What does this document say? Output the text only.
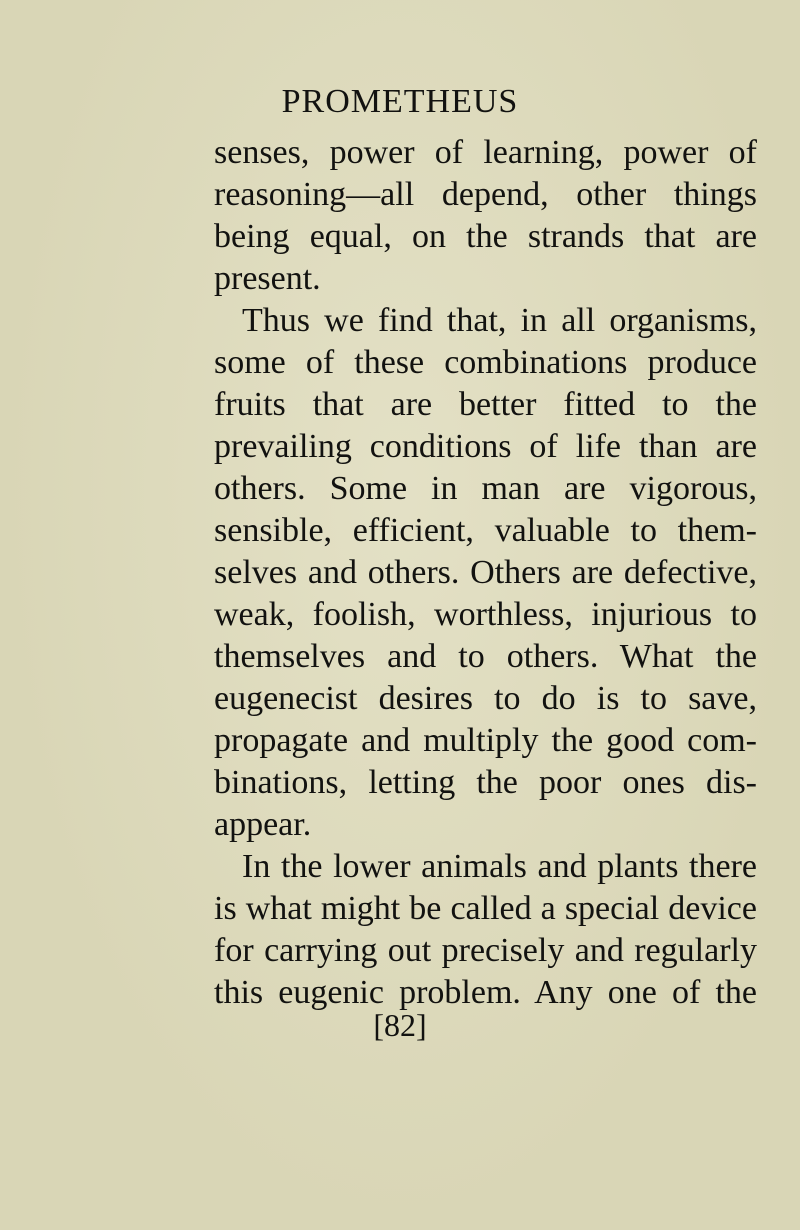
PROMETHEUS
senses, power of learning, power of
reasoning—all depend, other things
being equal, on the strands that are
present.
Thus we find that, in all organisms,
some of these combinations produce
fruits that are better fitted to the
prevailing conditions of life than are
others. Some in man are vigorous,
sensible, efficient, valuable to them-
selves and others. Others are defective,
weak, foolish, worthless, injurious to
themselves and to others. What the
eugenecist desires to do is to save,
propagate and multiply the good com-
binations, letting the poor ones dis-
appear.
In the lower animals and plants there
is what might be called a special device
for carrying out precisely and regularly
this eugenic problem. Any one of the
[82]
